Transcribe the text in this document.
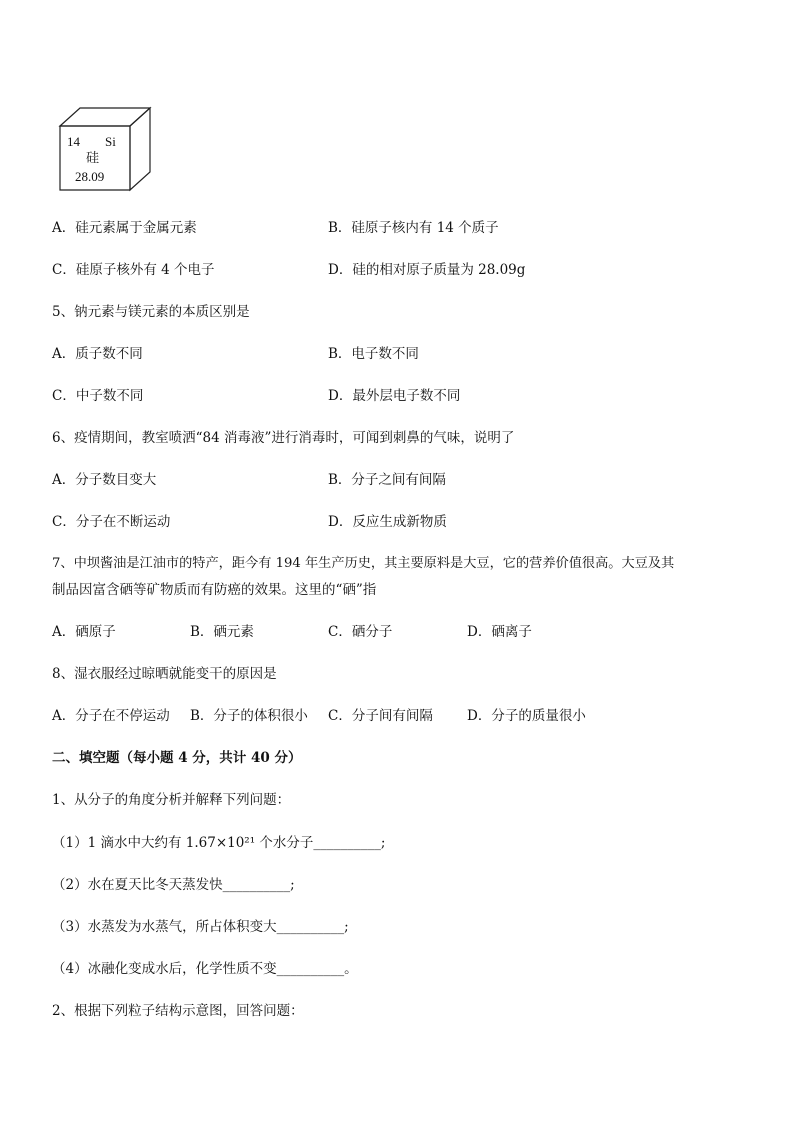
14 Si
硅
28.09
A．硅元素属于金属元素	B．硅原子核内有 14 个质子
C．硅原子核外有 4 个电子	D．硅的相对原子质量为 28.09g
5、钠元素与镁元素的本质区别是
A．质子数不同	B．电子数不同
C．中子数不同	D．最外层电子数不同
6、疫情期间，教室喷洒“84 消毒液”进行消毒时，可闻到刺鼻的气味，说明了
A．分子数目变大	B．分子之间有间隔
C．分子在不断运动	D．反应生成新物质
7、中坝酱油是江油市的特产，距今有 194 年生产历史，其主要原料是大豆，它的营养价值很高。大豆及其
制品因富含硒等矿物质而有防癌的效果。这里的“硒”指
A．硒原子	B．硒元素	C．硒分子	D．硒离子
8、湿衣服经过晾晒就能变干的原因是
A．分子在不停运动 B．分子的体积很小 C．分子间有间隔	D．分子的质量很小
二、填空题（每小题 4 分，共计 40 分）
1、从分子的角度分析并解释下列问题：
（1）1 滴水中大约有 1.67×10²¹ 个水分子__________;
（2）水在夏天比冬天蒸发快__________;
（3）水蒸发为水蒸气，所占体积变大__________;
（4）冰融化变成水后，化学性质不变__________。
2、根据下列粒子结构示意图，回答问题：
